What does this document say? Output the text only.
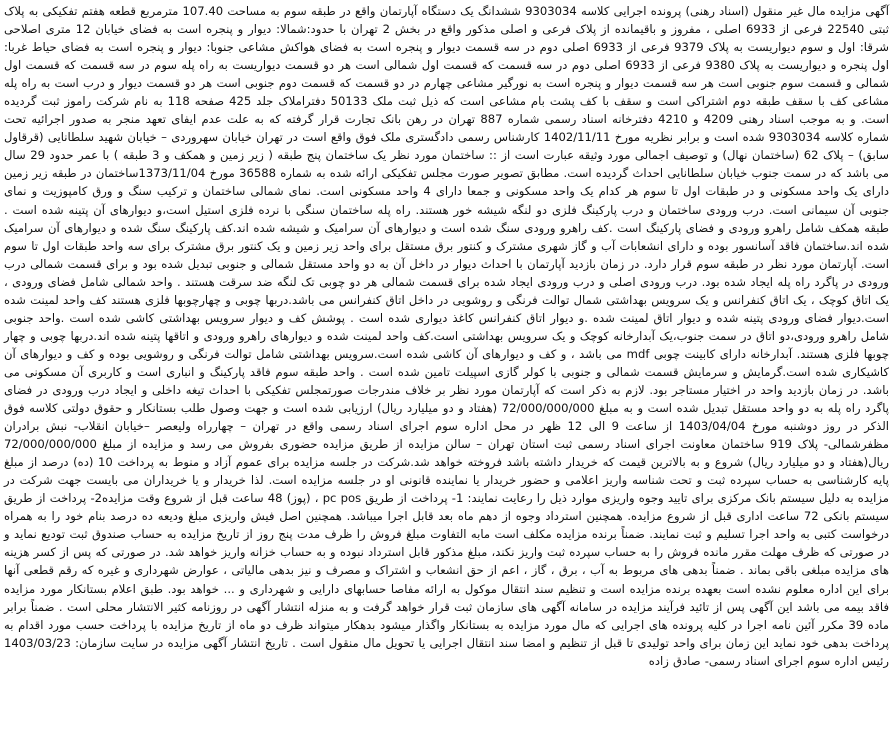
آگهی مزایده مال غیر منقول (اسناد رهنی) پرونده اجرایی کلاسه 9303034 ششدانگ یک دستگاه آپارتمان واقع در طبقه سوم به مساحت 107.40 مترمربع قطعه هفتم تفکیکی به پلاک ثبتی 22540 فرعی از 6933 اصلی ، مفروز و باقیمانده از پلاک فرعی و اصلی مذکور واقع در بخش 2 تهران با حدود:شمالا: دیوار و پنجره است به فضای خیابان 12 متری اصلاحی شرقا: اول و سوم دیواریست به پلاک 9379 فرعی از 6933 اصلی دوم در سه قسمت دیوار و پنجره است به فضای هواکش مشاعی جنوبا: دیوار و پنجره است به فضای حیاط غربا: اول پنجره و دیواریست به پلاک 9380 فرعی از 6933 اصلی دوم در سه قسمت که قسمت اول شمالی است هر دو قسمت دیواریست به راه پله سوم در سه قسمت که قسمت اول شمالی و قسمت سوم جنوبی است هر سه قسمت دیوار و پنجره است به نورگیر مشاعی چهارم در دو قسمت که قسمت دوم جنوبی است هر دو قسمت دیوار و درب است به راه پله مشاعی کف با سقف طبقه دوم اشتراکی است و سقف با کف پشت بام مشاعی است که ذیل ثبت ملک 50133 دفتراملاک جلد 425 صفحه 118 به نام شرکت راموز ثبت گردیده است. و به موجب اسناد رهنی 4209 و 4210 دفترخانه اسناد رسمی شماره 887 تهران در رهن بانک تجارت قرار گرفته که به علت عدم ایفای تعهد منجر به صدور اجرائیه تحت شماره کلاسه 9303034 شده است و برابر نظریه مورخ 1402/11/11 کارشناس رسمی دادگستری ملک فوق واقع است در تهران خیابان سهروردی – خیابان شهید سلطانایی (قرقاول سابق) – پلاک 62 (ساختمان نهال) و توصیف اجمالی مورد وثیقه عبارت است از :: ساختمان مورد نظر یک ساختمان پنج طبقه ( زیر زمین و همکف و 3 طبقه ) با عمر حدود 29 سال می باشد که در سمت جنوب خیابان سلطانایی احداث گردیده است. مطابق تصویر صورت مجلس تفکیکی ارائه شده به شماره 36588 مورخ 1373/11/04ساختمان در طبقه زیر زمین دارای یک واحد مسکونی و در طبقات اول تا سوم هر کدام یک واحد مسکونی و جمعا دارای 4 واحد مسکونی است. نمای شمالی ساختمان و ترکیب سنگ و ورق کامپوزیت و نمای جنوبی آن سیمانی است. درب ورودی ساختمان و درب پارکینگ فلزی دو لنگه شیشه خور هستند. راه پله ساختمان سنگی با نرده فلزی استیل است،و دیوارهای آن پتینه شده است . طبقه همکف شامل راهرو ورودی و فضای پارکینگ است .کف راهرو ورودی سنگ شده است و دیوارهای آن سرامیک و شیشه شده اند.کف پارکینگ سنگ شده و دیوارهای آن سرامیک شده اند.ساختمان فاقد آسانسور بوده و دارای انشعابات آب و گاز شهری مشترک و کنتور برق مستقل برای واحد زیر زمین و یک کنتور برق مشترک برای سه واحد طبقات اول تا سوم است. آپارتمان مورد نظر در طبقه سوم قرار دارد. در زمان بازدید آپارتمان با احداث دیوار در داخل آن به دو واحد مستقل شمالی و جنوبی تبدیل شده بود و برای قسمت شمالی درب ورودی در پاگرد راه پله ایجاد شده بود. درب ورودی اصلی و درب ورودی ایجاد شده برای قسمت شمالی هر دو چوبی تک لنگه ضد سرقت هستند . واحد شمالی شامل فضای ورودی ، یک اتاق کوچک ، یک اتاق کنفرانس و یک سرویس بهداشتی شمال توالت فرنگی و روشویی در داخل اتاق کنفرانس می باشد.دربها چوبی و چهارچوبها فلزی هستند کف واحد لمینت شده است.دیوار فضای ورودی پتینه شده و دیوار اتاق لمینت شده .و دیوار اتاق کنفرانس کاغذ دیواری شده است . پوشش کف و دیوار سرویس بهداشتی کاشی شده است .واحد جنوبی شامل راهرو ورودی،دو اتاق در سمت جنوب،یک آبدارخانه کوچک و یک سرویس بهداشتی است.کف واحد لمینت شده و دیوارهای راهرو ورودی و اتاقها پتینه شده اند.دربها چوبی و چهار چوبها فلزی هستند. آبدارخانه دارای کابینت چوبی mdf می باشد ، و کف و دیوارهای آن کاشی شده است.سرویس بهداشتی شامل توالت فرنگی و روشویی بوده و کف و دیوارهای آن کاشیکاری شده است.گرمایش و سرمایش قسمت شمالی و جنوبی با کولر گازی اسپیلت تامین شده است . واحد طبقه سوم فاقد پارکینگ و انباری است و کاربری آن مسکونی می باشد. در زمان بازدید واحد در اختیار مستاجر بود. لازم به ذکر است که آپارتمان مورد نظر بر خلاف مندرجات صورتمجلس تفکیکی با احداث تیغه داخلی و ایجاد درب ورودی در فضای پاگرد راه پله به دو واحد مستقل تبدیل شده است و به مبلغ 72/000/000/000 (هفتاد و دو میلیارد ریال) ارزیابی شده است و جهت وصول طلب بستانکار و حقوق دولتی کلاسه فوق الذکر در روز دوشنبه مورخ 1403/04/04 از ساعت 9 الی 12 ظهر در محل اداره سوم اجرای اسناد رسمی واقع در تهران – چهارراه ولیعصر –خیابان انقلاب- نبش برادران مظفرشمالی- پلاک 919 ساختمان معاونت اجرای اسناد رسمی ثبت استان تهران – سالن مزایده از طریق مزایده حضوری بفروش می رسد و مزایده از مبلغ 72/000/000/000 ریال(هفتاد و دو میلیارد ریال) شروع و به بالاترین قیمت که خریدار داشته باشد فروخته خواهد شد.شرکت در جلسه مزایده برای عموم آزاد و منوط به پرداخت 10 (ده) درصد از مبلغ پایه کارشناسی به حساب سپرده ثبت و تحت شناسه واریز اعلامی و حضور خریدار یا نماینده قانونی او در جلسه مزایده است. لذا خریدار و یا خریداران می بایست جهت شرکت در مزایده به دلیل سیستم بانک مرکزی برای تایید وجوه واریزی موارد ذیل را رعایت نمایند: 1- پرداخت از طریق pc pos ، (پوز) 48 ساعت قبل از شروع وقت مزایده2- پرداخت از طریق سیستم بانکی 72 ساعت اداری قبل از شروع مزایده. همچنین استرداد وجوه از دهم ماه بعد قابل اجرا میباشد. همچنین اصل فیش واریزی مبلغ ودیعه ده درصد بنام خود را به همراه درخواست کتبی به واحد اجرا تسلیم و ثبت نمایند. ضمناً برنده مزایده مکلف است مابه التفاوت مبلغ فروش را ظرف مدت پنج روز از تاریخ مزایده به حساب صندوق ثبت تودیع نماید و در صورتی که ظرف مهلت مقرر مانده فروش را به حساب سپرده ثبت واریز نکند، مبلغ مذکور قابل استرداد نبوده و به حساب خزانه واریز خواهد شد. در صورتی که پس از کسر هزینه های مزایده مبلغی باقی بماند . ضمناً بدهی های مربوط به آب ، برق ، گاز ، اعم از حق انشعاب و اشتراک و مصرف و نیز بدهی مالیاتی ، عوارض شهرداری و غیره که رقم قطعی آنها برای این اداره معلوم نشده است بعهده برنده مزایده است و تنظیم سند انتقال موکول به ارائه مفاصا حسابهای دارایی و شهرداری و ... خواهد بود. طبق اعلام بستانکار مورد مزایده فاقد بیمه می باشد این آگهی پس از تائید فرآیند مزایده در سامانه آگهی های سازمان ثبت قرار خواهد گرفت و به منزله انتشار آگهی در روزنامه کثیر الانتشار محلی است . ضمناً برابر ماده 39 مکرر آئین نامه اجرا در کلیه پرونده های اجرایی که مال مورد مزایده به بستانکار واگذار میشود بدهکار میتواند ظرف دو ماه از تاریخ مزایده با پرداخت حسب مورد اقدام به پرداخت بدهی خود نماید این زمان برای واحد تولیدی تا قبل از تنظیم و امضا سند انتقال اجرایی یا تحویل مال منقول است . تاریخ انتشار آگهی مزایده در سایت سازمان: 1403/03/23 رئیس اداره سوم اجرای اسناد رسمی- صادق زاده
